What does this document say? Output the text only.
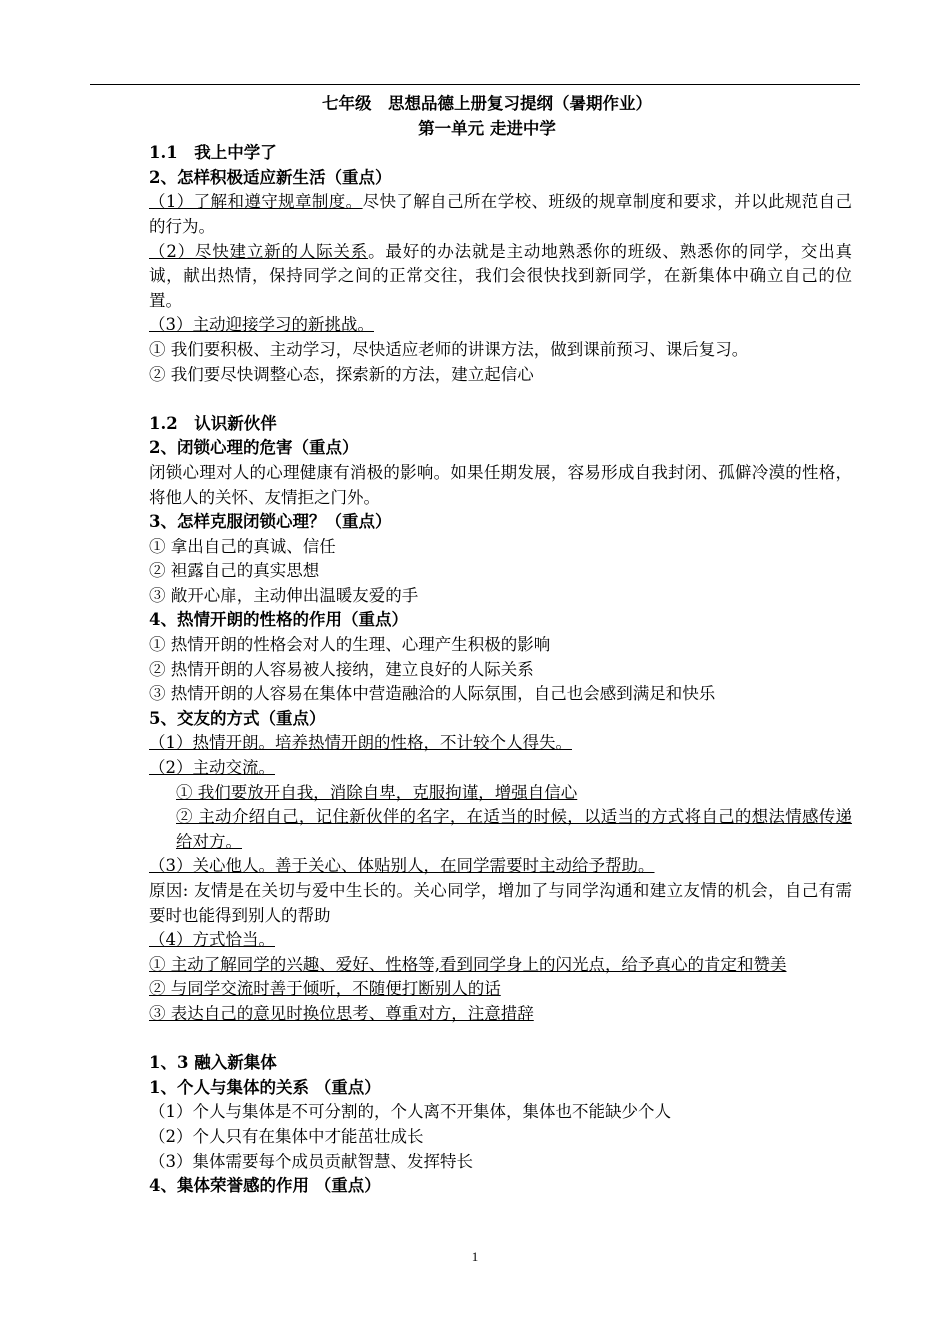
七年级　思想品德上册复习提纲（暑期作业）
第一单元 走进中学
1.1　我上中学了
2、怎样积极适应新生活（重点）
（1）了解和遵守规章制度。尽快了解自己所在学校、班级的规章制度和要求，并以此规范自己的行为。
（2）尽快建立新的人际关系。最好的办法就是主动地熟悉你的班级、熟悉你的同学，交出真诚，献出热情，保持同学之间的正常交往，我们会很快找到新同学，在新集体中确立自己的位置。
（3）主动迎接学习的新挑战。
① 我们要积极、主动学习，尽快适应老师的讲课方法，做到课前预习、课后复习。
② 我们要尽快调整心态，探索新的方法，建立起信心
1.2　认识新伙伴
2、闭锁心理的危害（重点）
闭锁心理对人的心理健康有消极的影响。如果任期发展，容易形成自我封闭、孤僻冷漠的性格，将他人的关怀、友情拒之门外。
3、怎样克服闭锁心理？（重点）
① 拿出自己的真诚、信任
② 袒露自己的真实思想
③ 敞开心扉，主动伸出温暖友爱的手
4、热情开朗的性格的作用（重点）
① 热情开朗的性格会对人的生理、心理产生积极的影响
② 热情开朗的人容易被人接纳，建立良好的人际关系
③ 热情开朗的人容易在集体中营造融洽的人际氛围，自己也会感到满足和快乐
5、交友的方式（重点）
（1）热情开朗。培养热情开朗的性格，不计较个人得失。
（2）主动交流。
① 我们要放开自我，消除自卑，克服拘谨，增强自信心
② 主动介绍自己，记住新伙伴的名字，在适当的时候，以适当的方式将自己的想法情感传递给对方。
（3）关心他人。善于关心、体贴别人，在同学需要时主动给予帮助。
原因: 友情是在关切与爱中生长的。关心同学，增加了与同学沟通和建立友情的机会，自己有需要时也能得到别人的帮助
（4）方式恰当。
① 主动了解同学的兴趣、爱好、性格等,看到同学身上的闪光点，给予真心的肯定和赞美
② 与同学交流时善于倾听，不随便打断别人的话
③ 表达自己的意见时换位思考、尊重对方，注意措辞
1、3 融入新集体
1、个人与集体的关系 （重点）
（1）个人与集体是不可分割的，个人离不开集体，集体也不能缺少个人
（2）个人只有在集体中才能茁壮成长
（3）集体需要每个成员贡献智慧、发挥特长
4、集体荣誉感的作用 （重点）
1
